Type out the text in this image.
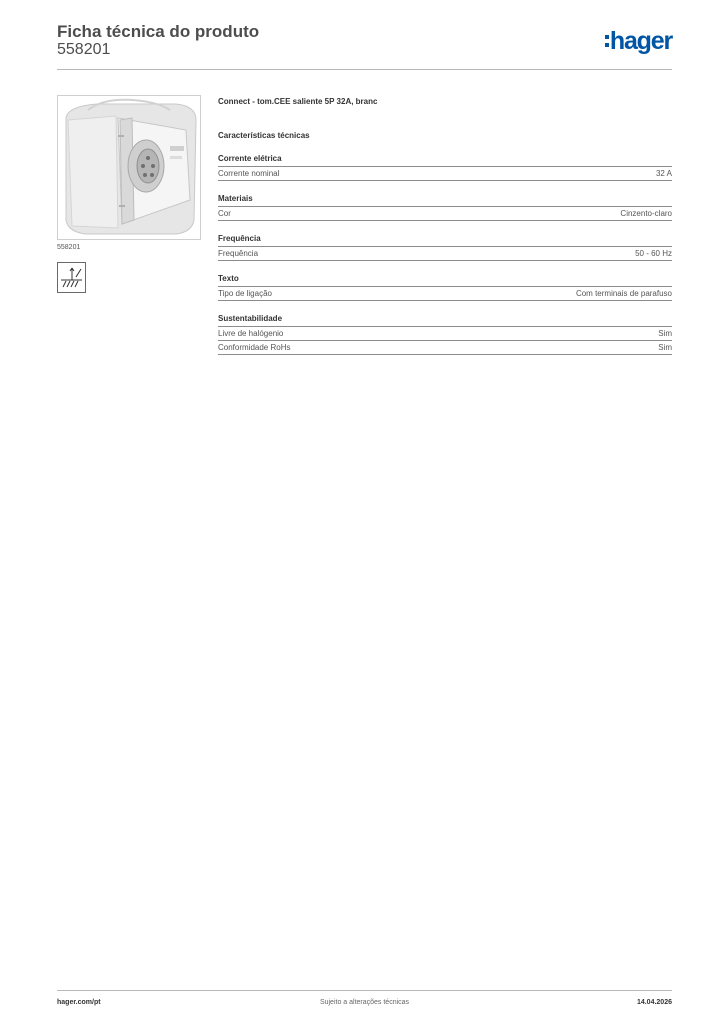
Ficha técnica do produto
558201	hager
558201
Connect - tom.CEE saliente 5P 32A, branc
Características técnicas
Corrente elétrica
Corrente nominal	32 A
Materiais
Cor	Cinzento-claro
Frequência
Frequência	50 - 60 Hz
Texto
Tipo de ligação	Com terminais de parafuso
Sustentabilidade
Livre de halógenio	Sim
Conformidade RoHs	Sim
hager.com/pt	Sujeito a alterações técnicas	14.04.2026
